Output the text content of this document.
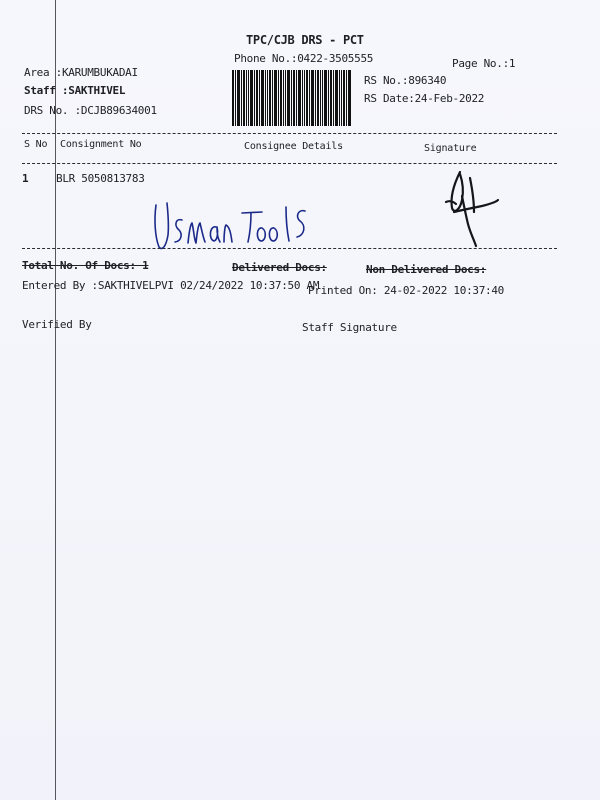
TPC/CJB DRS - PCT
Phone No.:0422-3505555	Page No.:1
Area :KARUMBUKADAI
Staff :SAKTHIVEL
DRS No. :DCJB89634001
RS No.:896340
RS Date:24-Feb-2022
S No Consignment No	Consignee Details	Signature
1	BLR 5050813783
Total No. Of Docs: 1	Delivered Docs:	Non Delivered Docs:
Entered By :SAKTHIVELPVI 02/24/2022 10:37:50 AM
Printed On: 24-02-2022 10:37:40
Verified By	Staff Signature
